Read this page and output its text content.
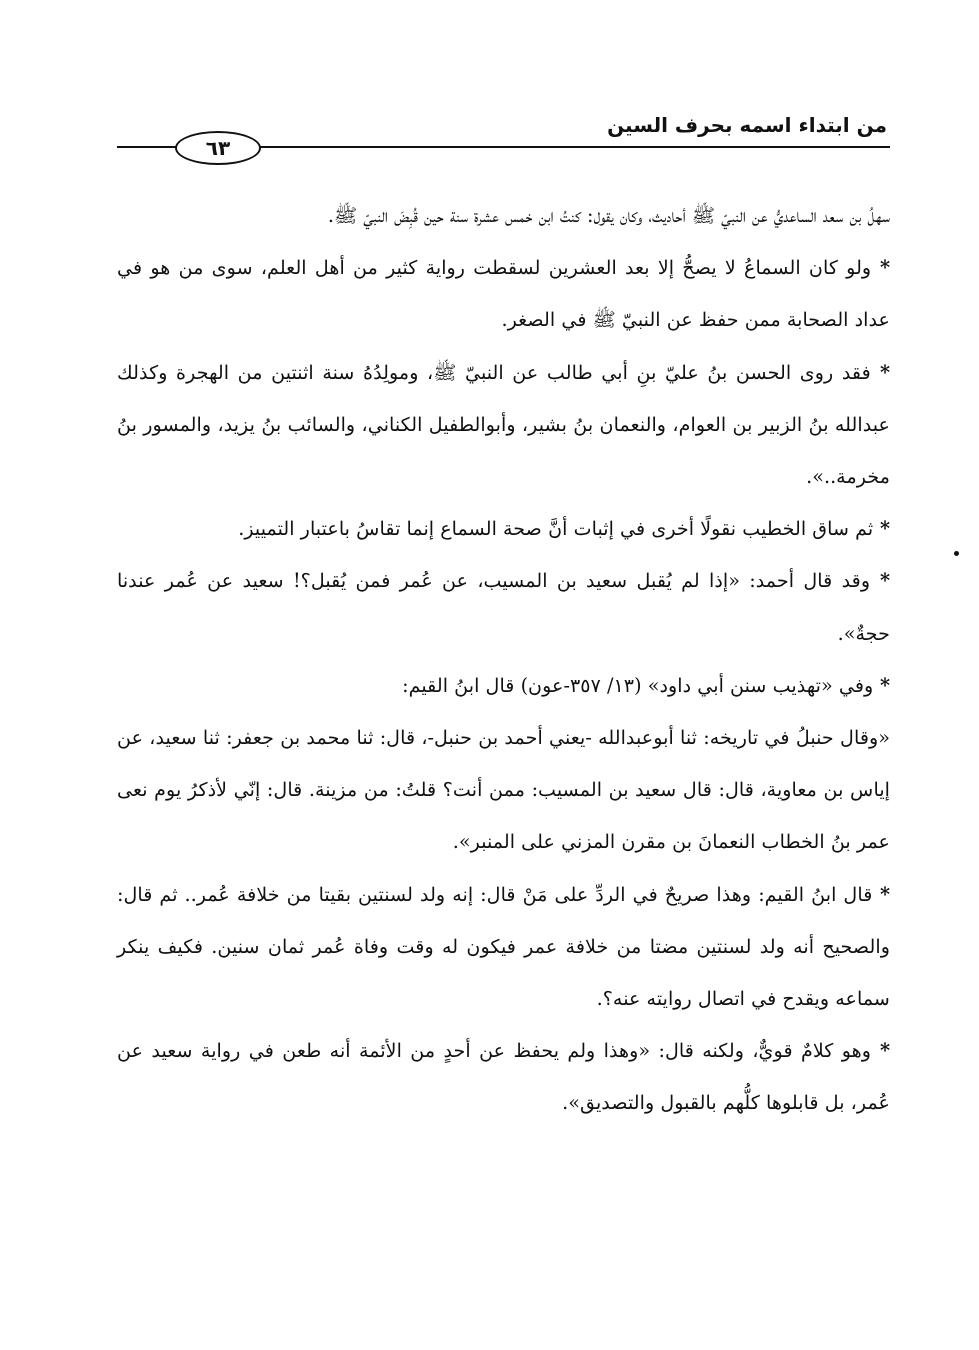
من ابتداء اسمه بحرف السين
٦٣

سهلُ بن سعد الساعديُّ عن النبيّ ﷺ أحاديث، وكان يقول: كنتُ ابن خمس عشرة سنة حين قُبِضَ النبيّ ﷺ.

* ولو كان السماعُ لا يصحُّ إلا بعد العشرين لسقطت رواية كثير من أهل العلم، سوى من هو في عداد الصحابة ممن حفظ عن النبيّ ﷺ في الصغر.

* فقد روى الحسن بنُ عليّ بنِ أبي طالب عن النبيّ ﷺ، ومولِدُهُ سنة اثنتين من الهجرة وكذلك عبدالله بنُ الزبير بن العوام، والنعمان بنُ بشير، وأبوالطفيل الكناني، والسائب بنُ يزيد، والمسور بنُ مخرمة..».

* ثم ساق الخطيب نقولًا أخرى في إثبات أنَّ صحة السماع إنما تقاسُ باعتبار التمييز.

* وقد قال أحمد: «إذا لم يُقبل سعيد بن المسيب، عن عُمر فمن يُقبل؟! سعيد عن عُمر عندنا حجةٌ».

* وفي «تهذيب سنن أبي داود» (١٣/ ٣٥٧-عون) قال ابنُ القيم:

«وقال حنبلُ في تاريخه: ثنا أبوعبدالله -يعني أحمد بن حنبل-، قال: ثنا محمد بن جعفر: ثنا سعيد، عن إياس بن معاوية، قال: قال سعيد بن المسيب: ممن أنت؟ قلتُ: من مزينة. قال: إنّي لأذكرُ يوم نعى عمر بنُ الخطاب النعمانَ بن مقرن المزني على المنبر».

* قال ابنُ القيم: وهذا صريحٌ في الردِّ على مَنْ قال: إنه ولد لسنتين بقيتا من خلافة عُمر.. ثم قال: والصحيح أنه ولد لسنتين مضتا من خلافة عمر فيكون له وقت وفاة عُمر ثمان سنين. فكيف ينكر سماعه ويقدح في اتصال روايته عنه؟.

* وهو كلامٌ قويٌّ، ولكنه قال: «وهذا ولم يحفظ عن أحدٍ من الأئمة أنه طعن في رواية سعيد عن عُمر، بل قابلوها كلُّهم بالقبول والتصديق».
